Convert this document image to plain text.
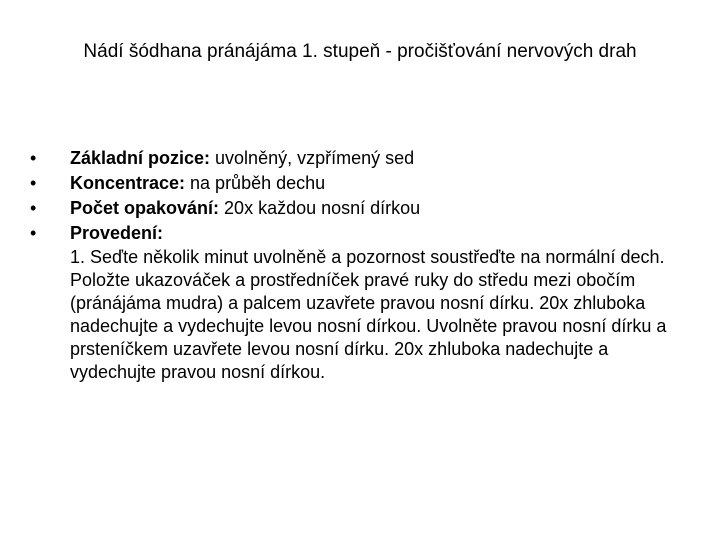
Nádí šódhana pránájáma 1. stupeň - pročišťování nervových drah
•	Základní pozice: uvolněný, vzpřímený sed
•	Koncentrace: na průběh dechu
•	Počet opakování: 20x každou nosní dírkou
•	Provedení:
1. Seďte několik minut uvolněně a pozornost soustřeďte na normální dech. Položte ukazováček a prostředníček pravé ruky do středu mezi obočím (pránájáma mudra) a palcem uzavřete pravou nosní dírku. 20x zhluboka nadechujte a vydechujte levou nosní dírkou. Uvolněte pravou nosní dírku a prsteníčkem uzavřete levou nosní dírku. 20x zhluboka nadechujte a vydechujte pravou nosní dírkou.
